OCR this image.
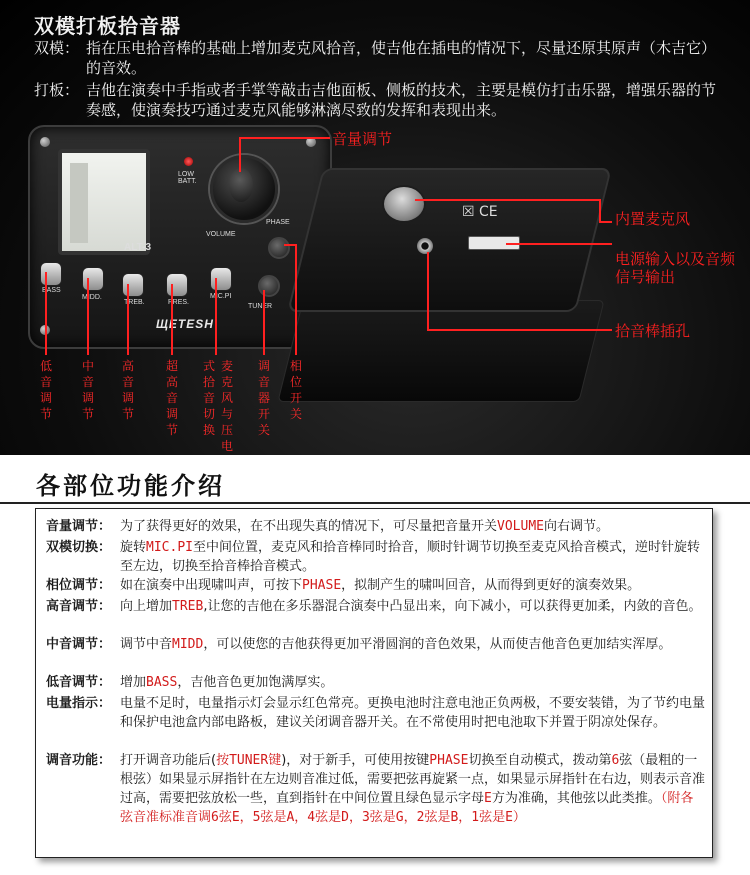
双模打板拾音器
双模： 指在压电拾音棒的基础上增加麦克风拾音，使吉他在插电的情况下，尽量还原其原声（木吉它）的音效。
打板： 吉他在演奏中手指或者手掌等敲击吉他面板、侧板的技术，主要是模仿打击乐器，增强乐器的节奏感，使演奏技巧通过麦克风能够淋漓尽致的发挥和表现出来。
LOW BATT.
VOLUME
PHASE
TUNER
ALT-3
BASS
MIDD.
TREB.	PRES.
MIC.PI
ЩETESH
☒ CE
音量调节
内置麦克风
电源输入以及音频信号输出
拾音棒插孔
低音调节
中音调节
高音调节
超高音调节
式拾音切换
麦克风与压电
调音器开关
相位开关
各部位功能介绍
音量调节： 为了获得更好的效果，在不出现失真的情况下，可尽量把音量开关VOLUME向右调节。
双模切换： 旋转MIC.PI至中间位置，麦克风和拾音棒同时拾音，顺时针调节切换至麦克风拾音模式，逆时针旋转至左边，切换至拾音棒拾音模式。
相位调节： 如在演奏中出现啸叫声，可按下PHASE，拟制产生的啸叫回音，从而得到更好的演奏效果。
高音调节： 向上增加TREB,让您的吉他在多乐器混合演奏中凸显出来，向下减小，可以获得更加柔，内敛的音色。
中音调节： 调节中音MIDD，可以使您的吉他获得更加平滑圆润的音色效果，从而使吉他音色更加结实浑厚。
低音调节： 增加BASS，吉他音色更加饱满厚实。
电量指示： 电量不足时，电量指示灯会显示红色常亮。更换电池时注意电池正负两极，不要安装错，为了节约电量和保护电池盒内部电路板，建议关闭调音器开关。在不常使用时把电池取下并置于阴凉处保存。
调音功能： 打开调音功能后(按TUNER键)，对于新手，可使用按键PHASE切换至自动模式，拨动第6弦（最粗的一根弦）如果显示屏指针在左边则音准过低，需要把弦再旋紧一点，如果显示屏指针在右边，则表示音准过高，需要把弦放松一些，直到指针在中间位置且绿色显示字母E方为准确，其他弦以此类推。（附各弦音准标准音调6弦E，5弦是A，4弦是D，3弦是G，2弦是B，1弦是E）
